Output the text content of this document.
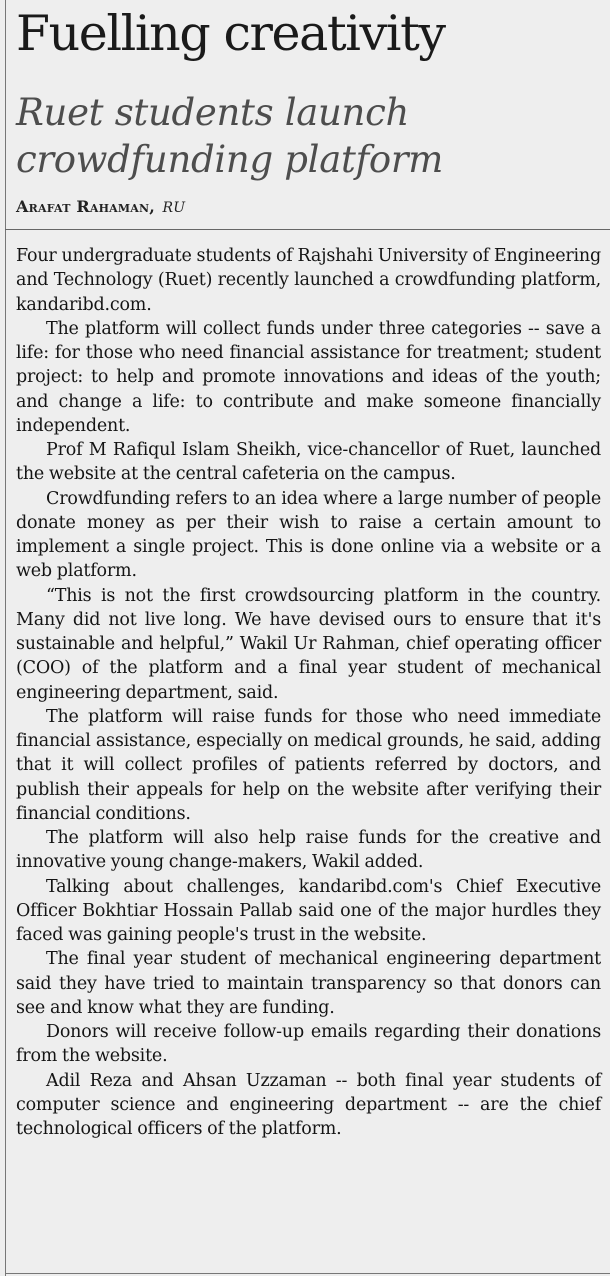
Fuelling creativity
Ruet students launch crowdfunding platform
Arafat Rahaman, RU

Four undergraduate students of Rajshahi University of Engineering and Technology (Ruet) recently launched a crowdfunding platform, kandaribd.com.

The platform will collect funds under three categories -- save a life: for those who need financial assistance for treatment; student project: to help and promote innovations and ideas of the youth; and change a life: to contribute and make someone financially independent.

Prof M Rafiqul Islam Sheikh, vice-chancellor of Ruet, launched the website at the central cafeteria on the campus.

Crowdfunding refers to an idea where a large number of people donate money as per their wish to raise a certain amount to implement a single project. This is done online via a website or a web platform.

“This is not the first crowdsourcing platform in the country. Many did not live long. We have devised ours to ensure that it's sustainable and helpful,” Wakil Ur Rahman, chief operating officer (COO) of the platform and a final year student of mechanical engineering department, said.

The platform will raise funds for those who need immediate financial assistance, especially on medical grounds, he said, adding that it will collect profiles of patients referred by doctors, and publish their appeals for help on the website after verifying their financial conditions.

The platform will also help raise funds for the creative and innovative young change-makers, Wakil added.

Talking about challenges, kandaribd.com's Chief Executive Officer Bokhtiar Hossain Pallab said one of the major hurdles they faced was gaining people's trust in the website.

The final year student of mechanical engineering department said they have tried to maintain transparency so that donors can see and know what they are funding.

Donors will receive follow-up emails regarding their donations from the website.

Adil Reza and Ahsan Uzzaman -- both final year students of computer science and engineering department -- are the chief technological officers of the platform.
